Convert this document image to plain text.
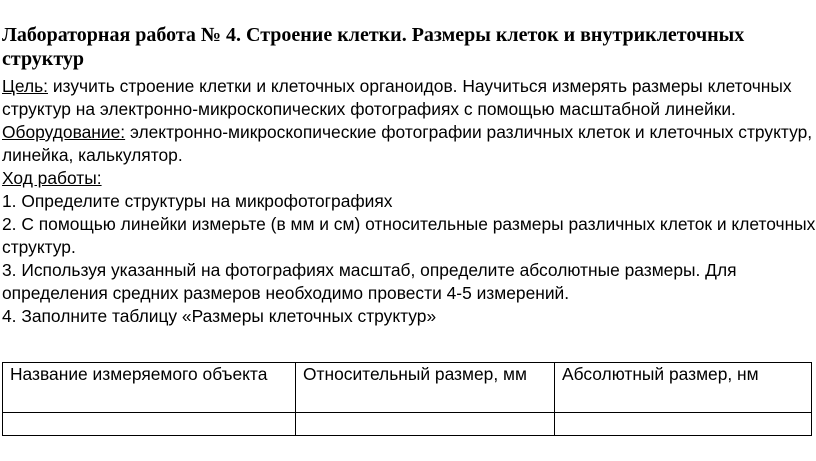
Лабораторная работа № 4. Строение клетки. Размеры клеток и внутриклеточных структур

Цель: изучить строение клетки и клеточных органоидов. Научиться измерять размеры клеточных структур на электронно-микроскопических фотографиях с помощью масштабной линейки.

Оборудование: электронно-микроскопические фотографии различных клеток и клеточных структур, линейка, калькулятор.

Ход работы:

1. Определите структуры на микрофотографиях

2. С помощью линейки измерьте (в мм и см) относительные размеры различных клеток и клеточных структур.

3. Используя указанный на фотографиях масштаб, определите абсолютные размеры. Для определения средних размеров необходимо провести 4-5 измерений.

4. Заполните таблицу «Размеры клеточных структур»

Название измеряемого объекта	Относительный размер, мм	Абсолютный размер, нм
